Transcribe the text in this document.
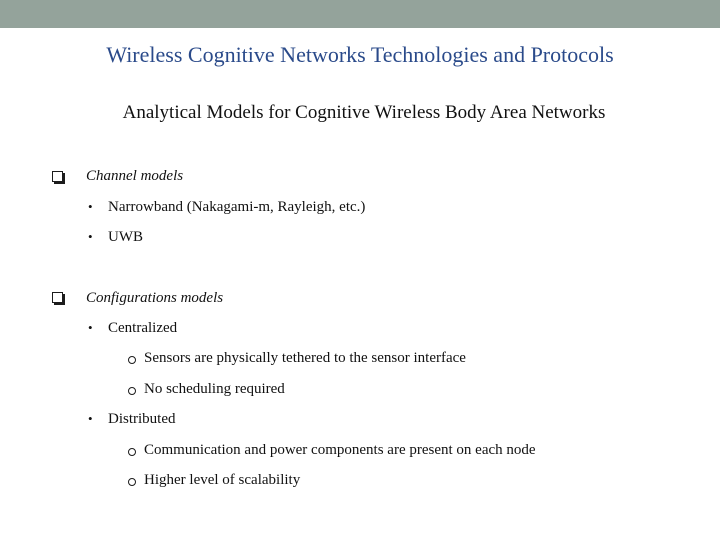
Wireless Cognitive Networks Technologies and Protocols
Analytical Models for Cognitive Wireless Body Area Networks
Channel models
• Narrowband (Nakagami-m, Rayleigh, etc.)
• UWB
Configurations models
• Centralized
Sensors are physically tethered to the sensor interface
No scheduling required
• Distributed
Communication and power components are present on each node
Higher level of scalability
